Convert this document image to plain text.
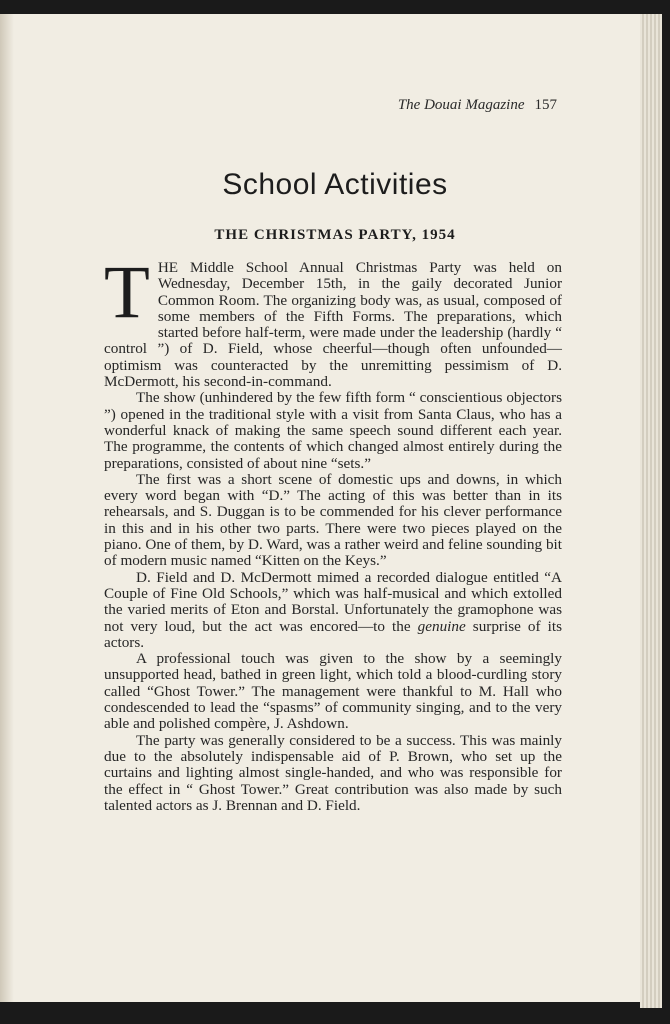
The Douai Magazine 157
School Activities
THE CHRISTMAS PARTY, 1954

THE Middle School Annual Christmas Party was held on Wednesday, December 15th, in the gaily decorated Junior Common Room. The organizing body was, as usual, composed of some members of the Fifth Forms. The preparations, which started before half-term, were made under the leadership (hardly “ control ”) of D. Field, whose cheerful—though often unfounded—optimism was counteracted by the unremitting pessimism of D. McDermott, his second-in-command.

The show (unhindered by the few fifth form “ conscientious objectors ”) opened in the traditional style with a visit from Santa Claus, who has a wonderful knack of making the same speech sound different each year. The programme, the contents of which changed almost entirely during the preparations, consisted of about nine “sets.”

The first was a short scene of domestic ups and downs, in which every word began with “D.” The acting of this was better than in its rehearsals, and S. Duggan is to be commended for his clever performance in this and in his other two parts. There were two pieces played on the piano. One of them, by D. Ward, was a rather weird and feline sounding bit of modern music named “Kitten on the Keys.”

D. Field and D. McDermott mimed a recorded dialogue entitled “A Couple of Fine Old Schools,” which was half-musical and which extolled the varied merits of Eton and Borstal. Unfortunately the gramophone was not very loud, but the act was encored—to the genuine surprise of its actors.

A professional touch was given to the show by a seemingly unsupported head, bathed in green light, which told a blood-curdling story called “Ghost Tower.” The management were thankful to M. Hall who condescended to lead the “spasms” of community singing, and to the very able and polished compère, J. Ashdown.

The party was generally considered to be a success. This was mainly due to the absolutely indispensable aid of P. Brown, who set up the curtains and lighting almost single-handed, and who was responsible for the effect in “ Ghost Tower.” Great contribution was also made by such talented actors as J. Brennan and D. Field.
